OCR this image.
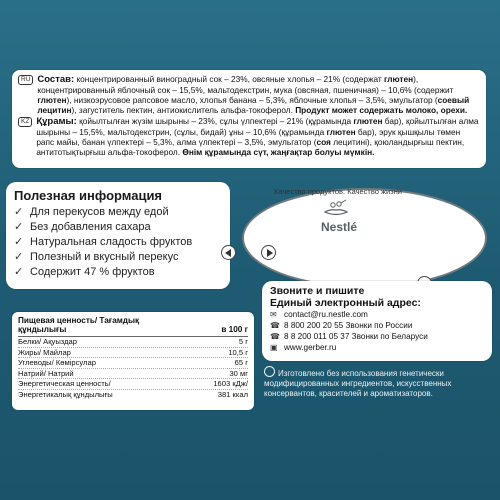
RU Состав: концентрированный виноградный сок – 23%, овсяные хлопья – 21% (содержат глютен), концентрированный яблочный сок – 15,5%, мальтодекстрин, мука (овсяная, пшеничная) – 10,6% (содержит глютен), низкоэрусовое рапсовое масло, хлопья банана – 5,3%, яблочные хлопья – 3,5%, эмульгатор (соевый лецитин), загуститель пектин, антиокислитель альфа-токоферол. Продукт может содержать молоко, орехи.
KZ Құрамы: қойылтылған жүзім шырыны – 23%, сұлы үлпектері – 21% (құрамында глютен бар), қойылтылған алма шырыны – 15,5%, мальтодекстрин, (сұлы, бидай) ұны – 10,6% (құрамында глютен бар), эрук қышқылы төмен рапс майы, банан үлпектері – 5,3%, алма үлпектері – 3,5%, эмульгатор (соя лецитині), қоюландырғыш пектин, антитотықтырғыш альфа-токоферол. Өнім құрамында сүт, жаңғақтар болуы мүмкін.
Полезная информация
✓ Для перекусов между едой
✓ Без добавления сахара
✓ Натуральная сладость фруктов
✓ Полезный и вкусный перекус
✓ Содержит 47 % фруктов
Качество продуктов. Качество жизни
Nestlé
Звоните и пишите
Единый электронный адрес:
✉ contact@ru.nestle.com
☎ 8 800 200 20 55 Звонки по России
☎ 8 8 200 011 05 37 Звонки по Беларуси
▣ www.gerber.ru
Пищевая ценность/ Тағамдық құндылығы	в 100 г
Белки/ Ақуыздар	5 г
Жиры/ Майлар	10,5 г
Углеводы/ Көмірсулар	65 г
Натрий/ Натрий	30 мг
Энергетическая ценность/	1603 кДж/
Энергетикалық құндылығы	381 ккал
Изготовлено без использования генетически модифицированных ингредиентов, искусственных консервантов, красителей и ароматизаторов.
